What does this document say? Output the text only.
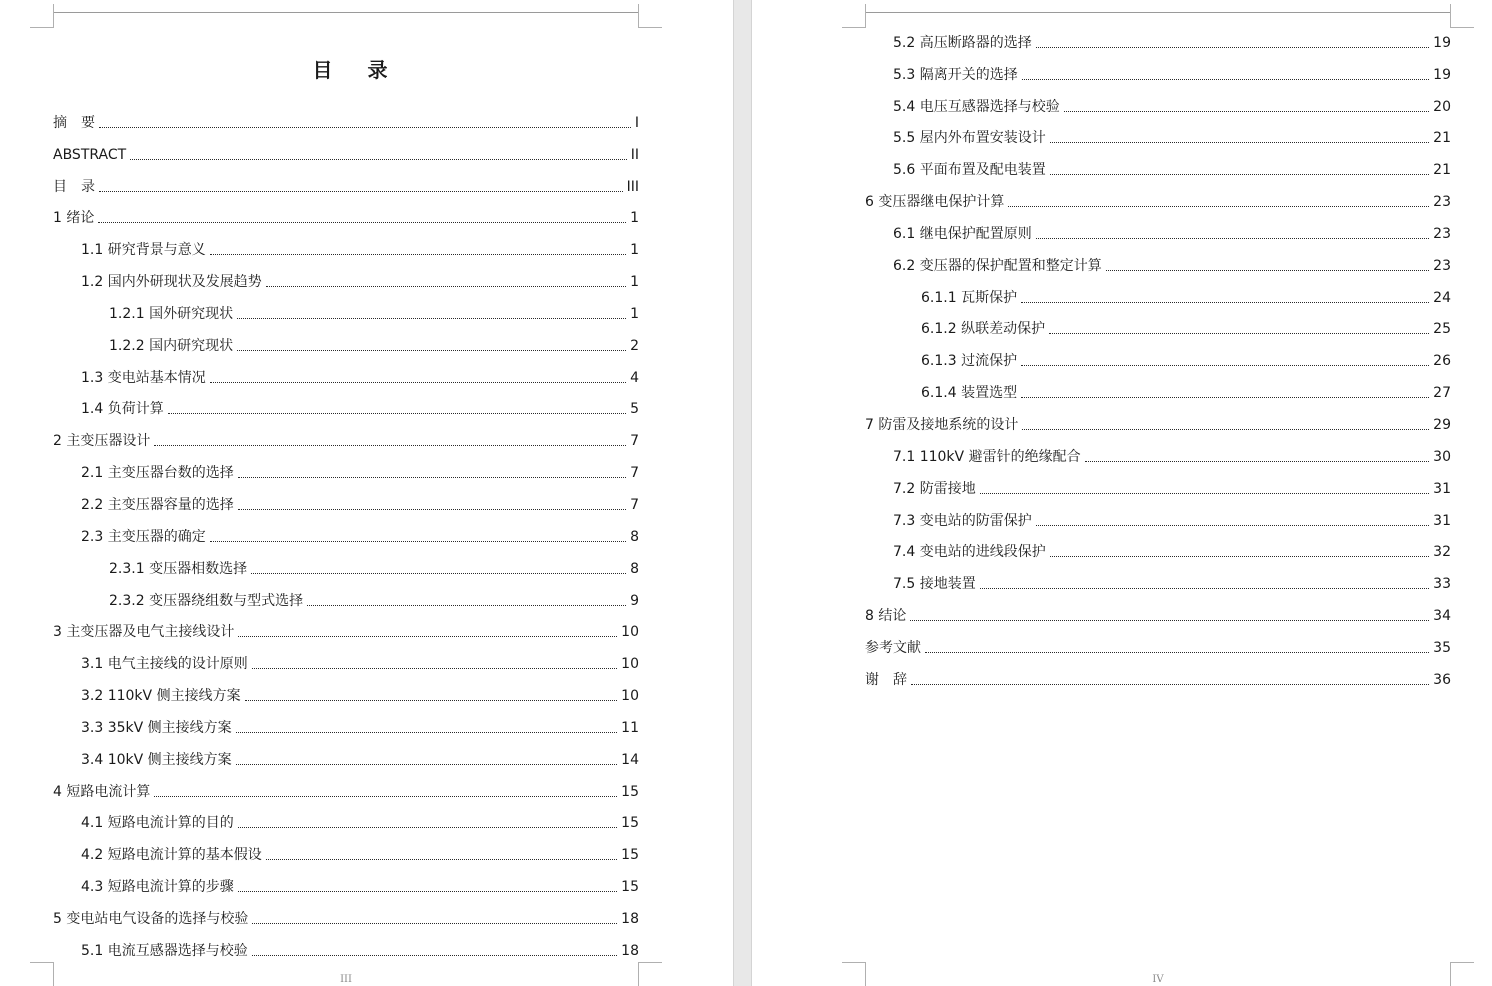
目 录
摘　要	I
ABSTRACT	II
目　录	III
1 绪论	1
1.1 研究背景与意义	1
1.2 国内外研现状及发展趋势	1
1.2.1 国外研究现状	1
1.2.2 国内研究现状	2
1.3 变电站基本情况	4
1.4 负荷计算	5
2 主变压器设计	7
2.1 主变压器台数的选择	7
2.2 主变压器容量的选择	7
2.3 主变压器的确定	8
2.3.1 变压器相数选择	8
2.3.2 变压器绕组数与型式选择	9
3 主变压器及电气主接线设计	10
3.1 电气主接线的设计原则	10
3.2 110kV 侧主接线方案	10
3.3 35kV 侧主接线方案	11
3.4 10kV 侧主接线方案	14
4 短路电流计算	15
4.1 短路电流计算的目的	15
4.2 短路电流计算的基本假设	15
4.3 短路电流计算的步骤	15
5 变电站电气设备的选择与校验	18
5.1 电流互感器选择与校验	18
III
5.2 高压断路器的选择	19
5.3 隔离开关的选择	19
5.4 电压互感器选择与校验	20
5.5 屋内外布置安装设计	21
5.6 平面布置及配电装置	21
6 变压器继电保护计算	23
6.1 继电保护配置原则	23
6.2 变压器的保护配置和整定计算	23
6.1.1 瓦斯保护	24
6.1.2 纵联差动保护	25
6.1.3 过流保护	26
6.1.4 装置选型	27
7 防雷及接地系统的设计	29
7.1 110kV 避雷针的绝缘配合	30
7.2 防雷接地	31
7.3 变电站的防雷保护	31
7.4 变电站的进线段保护	32
7.5 接地装置	33
8 结论	34
参考文献	35
谢　辞	36
IV
